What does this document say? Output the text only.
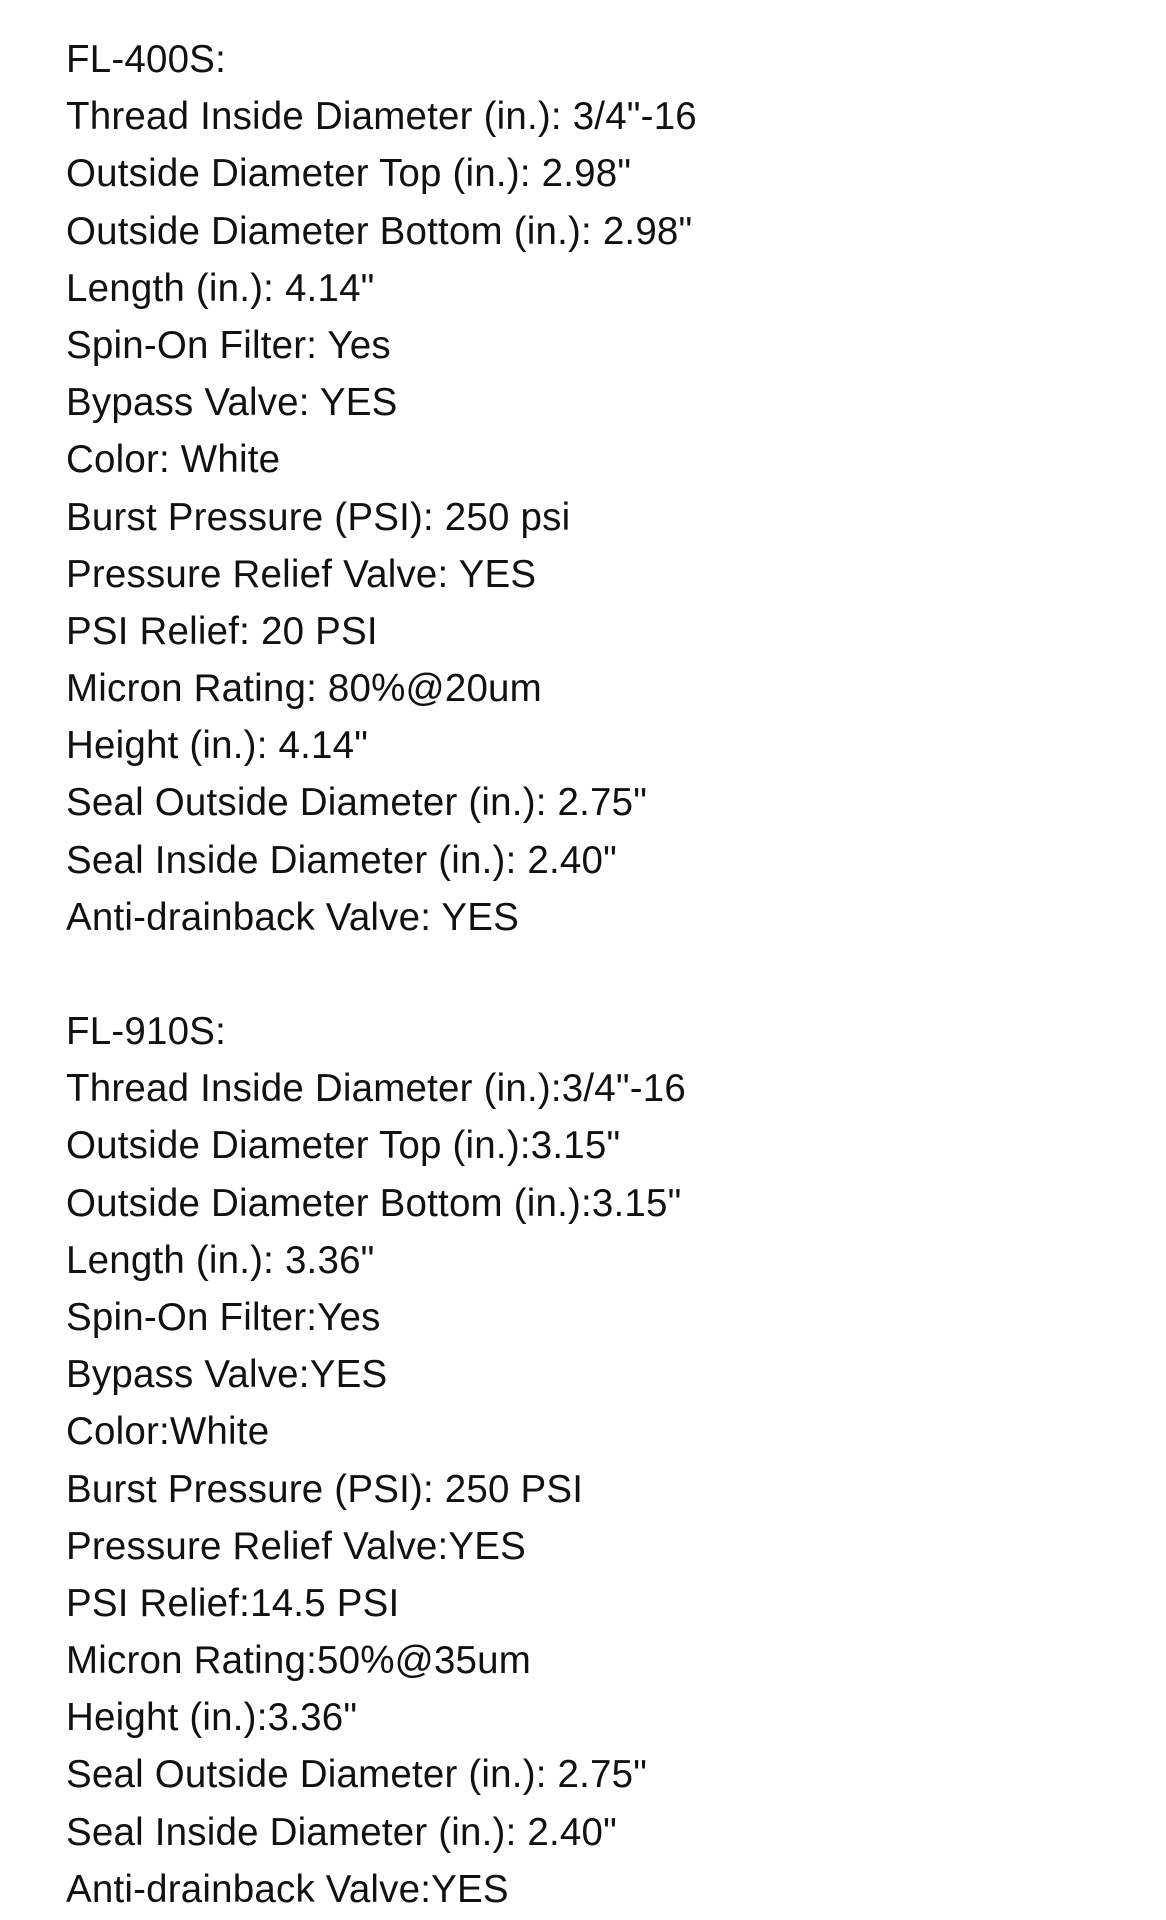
FL-400S:
Thread Inside Diameter (in.): 3/4"-16
Outside Diameter Top (in.): 2.98"
Outside Diameter Bottom (in.): 2.98"
Length (in.): 4.14"
Spin-On Filter: Yes
Bypass Valve: YES
Color: White
Burst Pressure (PSI): 250 psi
Pressure Relief Valve: YES
PSI Relief: 20 PSI
Micron Rating: 80%@20um
Height (in.): 4.14"
Seal Outside Diameter (in.): 2.75"
Seal Inside Diameter (in.): 2.40"
Anti-drainback Valve: YES
FL-910S:
Thread Inside Diameter (in.):3/4"-16
Outside Diameter Top (in.):3.15"
Outside Diameter Bottom (in.):3.15"
Length (in.): 3.36"
Spin-On Filter:Yes
Bypass Valve:YES
Color:White
Burst Pressure (PSI): 250 PSI
Pressure Relief Valve:YES
PSI Relief:14.5 PSI
Micron Rating:50%@35um
Height (in.):3.36"
Seal Outside Diameter (in.): 2.75"
Seal Inside Diameter (in.): 2.40"
Anti-drainback Valve:YES
